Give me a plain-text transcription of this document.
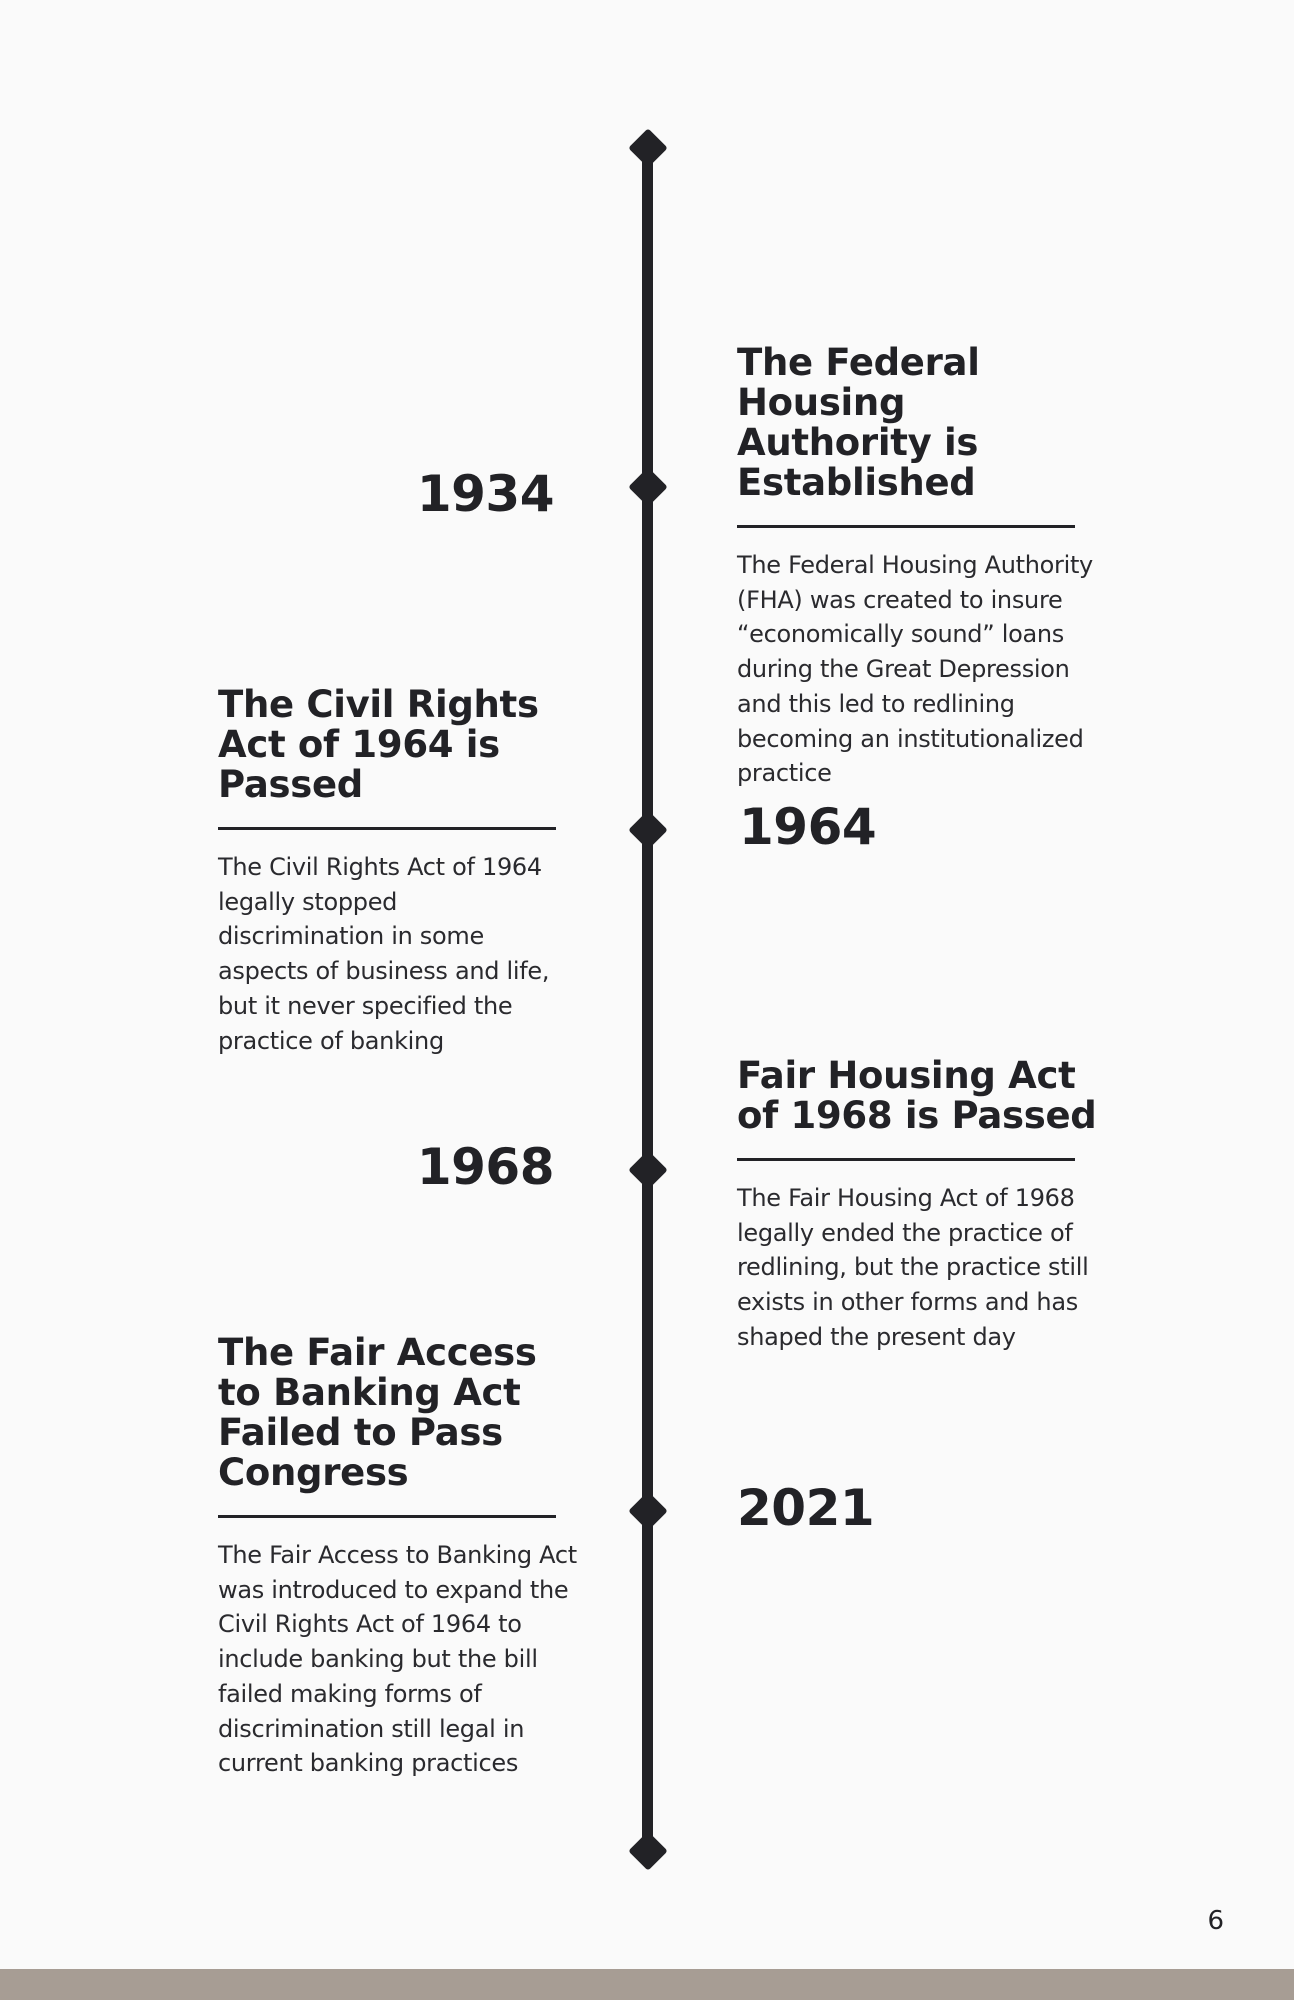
1934
The Federal Housing Authority is Established

The Federal Housing Authority (FHA) was created to insure “economically sound” loans during the Great Depression and this led to redlining becoming an institutionalized practice

The Civil Rights Act of 1964 is Passed

The Civil Rights Act of 1964 legally stopped discrimination in some aspects of business and life, but it never specified the practice of banking

1964
1968
Fair Housing Act of 1968 is Passed

The Fair Housing Act of 1968 legally ended the practice of redlining, but the practice still exists in other forms and has shaped the present day

The Fair Access to Banking Act Failed to Pass Congress

The Fair Access to Banking Act was introduced to expand the Civil Rights Act of 1964 to include banking but the bill failed making forms of discrimination still legal in current banking practices

2021
6
